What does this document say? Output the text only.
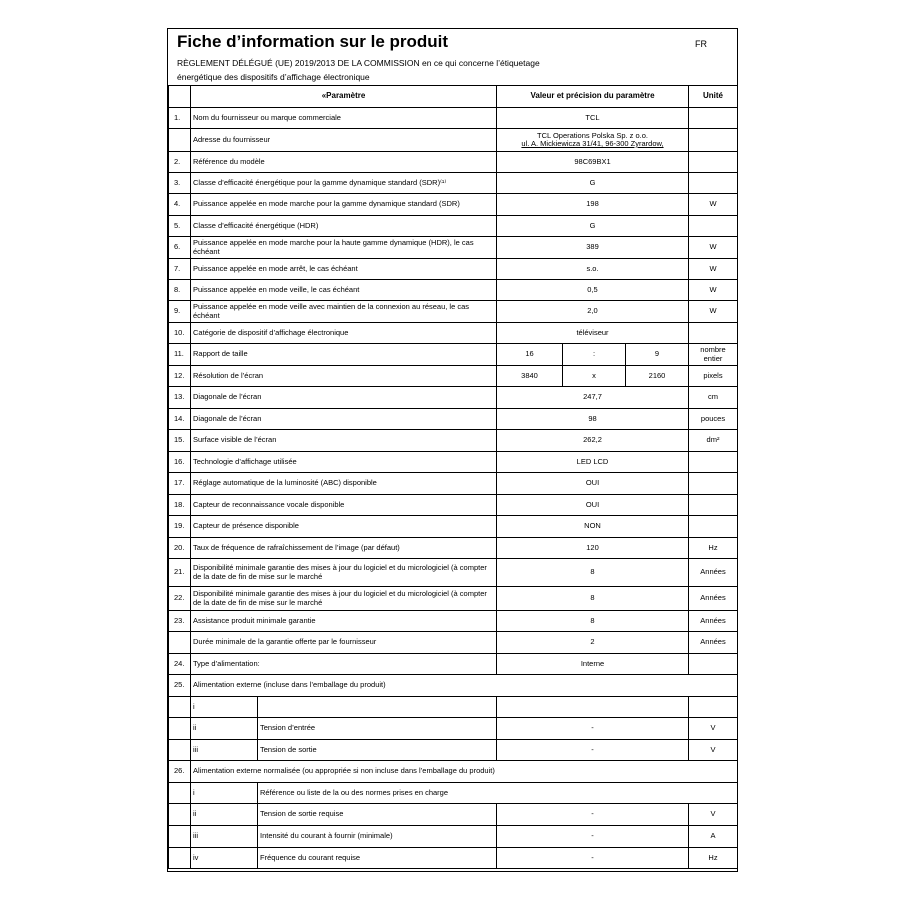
Fiche d’information sur le produit	FR
RÈGLEMENT DÉLÉGUÉ (UE) 2019/2013 DE LA COMMISSION en ce qui concerne l’étiquetage
énergétique des dispositifs d’affichage électronique
	«Paramètre		Valeur et précision du paramètre			Unité
1.	Nom du fournisseur ou marque commerciale		TCL			
	Adresse du fournisseur		TCL Operations Polska Sp. z o.o.
ul. A. Mickiewicza 31/41, 96-300 Zyrardow,			

2.	Référence du modèle		98C69BX1			
3.	Classe d’efficacité énergétique pour la gamme dynamique standard (SDR)⁽¹⁾		G			
4.	Puissance appelée en mode marche pour la gamme dynamique standard (SDR)		198			W
5.	Classe d’efficacité énergétique (HDR)		G			
6.	Puissance appelée en mode marche pour la haute gamme dynamique (HDR), le cas échéant		389			W
7.	Puissance appelée en mode arrêt, le cas échéant		s.o.			W
8.	Puissance appelée en mode veille, le cas échéant		0,5			W
9.	Puissance appelée en mode veille avec maintien de la connexion au réseau, le cas échéant		2,0			W
10.	Catégorie de dispositif d’affichage électronique		téléviseur			
11.	Rapport de taille		16	:	9	nombre entier
12.	Résolution de l’écran		3840	x	2160	pixels
13.	Diagonale de l’écran		247,7			cm
14.	Diagonale de l’écran		98			pouces
15.	Surface visible de l’écran		262,2			dm²
16.	Technologie d’affichage utilisée		LED LCD			
17.	Réglage automatique de la luminosité (ABC) disponible		OUI			
18.	Capteur de reconnaissance vocale disponible		OUI			
19.	Capteur de présence disponible		NON			
20.	Taux de fréquence de rafraîchissement de l’image (par défaut)		120			Hz
21.	Disponibilité minimale garantie des mises à jour du logiciel et du micrologiciel (à compter de la date de fin de mise sur le marché		8			Années
22.	Disponibilité minimale garantie des mises à jour du logiciel et du micrologiciel (à compter de la date de fin de mise sur le marché		8			Années
23.	Assistance produit minimale garantie		8			Années
	Durée minimale de la garantie offerte par le fournisseur		2			Années
24.	Type d’alimentation:		Interne			
25.	Alimentation externe (incluse dans l’emballage du produit)					
	i					
	ii	Tension d’entrée	-			V
	iii	Tension de sortie	-			V
26.	Alimentation externe normalisée (ou appropriée si non incluse dans l’emballage du produit)					
	i	Référence ou liste de la ou des normes prises en charge				
	ii	Tension de sortie requise	-			V
	iii	Intensité du courant à fournir (minimale)	-			A
	iv	Fréquence du courant requise	-			Hz
